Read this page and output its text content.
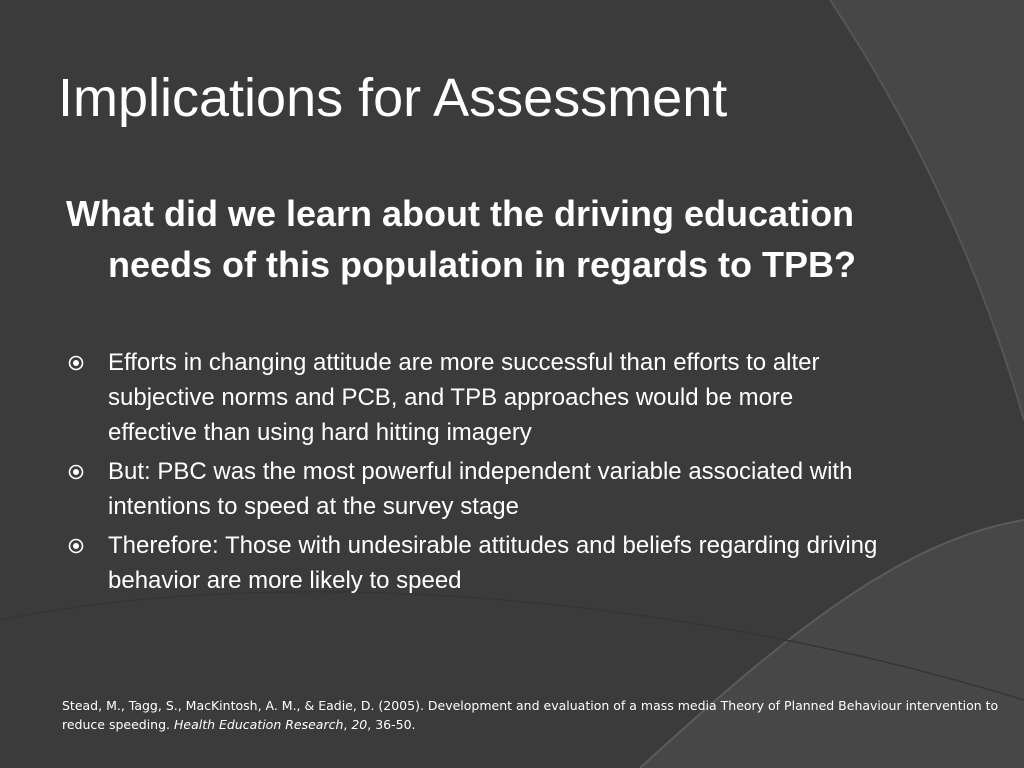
Implications for Assessment

What did we learn about the driving education needs of this population in regards to TPB?

Efforts in changing attitude are more successful than efforts to alter subjective norms and PCB, and TPB approaches would be more effective than using hard hitting imagery
But: PBC was the most powerful independent variable associated with intentions to speed at the survey stage
Therefore: Those with undesirable attitudes and beliefs regarding driving behavior are more likely to speed
Stead, M., Tagg, S., MacKintosh, A. M., & Eadie, D. (2005). Development and evaluation of a mass media Theory of Planned Behaviour intervention to reduce speeding. Health Education Research, 20, 36-50.
